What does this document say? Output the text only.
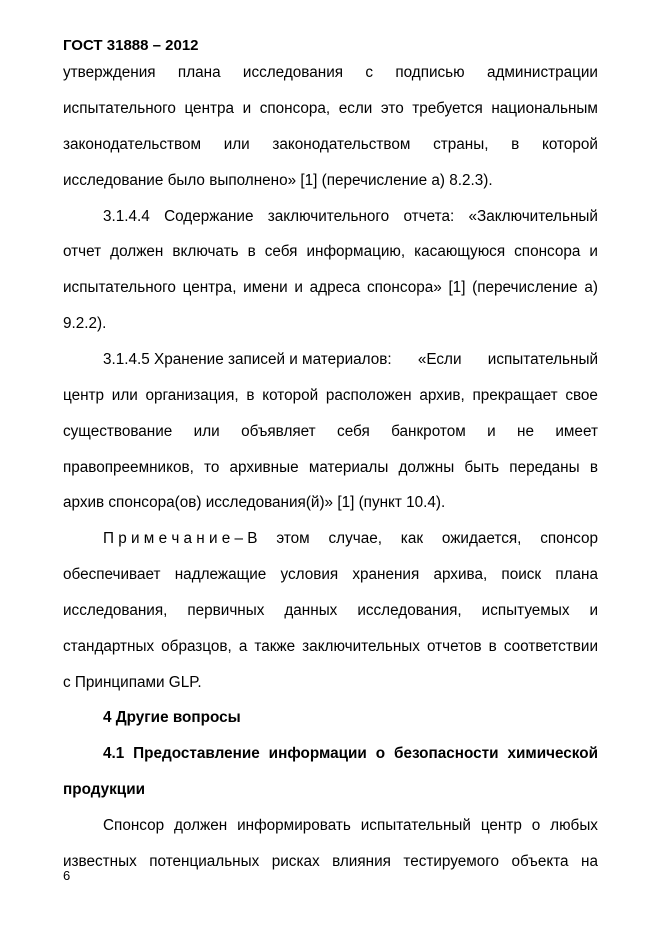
ГОСТ 31888 – 2012
утверждения плана исследования с подписью администрации
испытательного центра и спонсора, если это требуется национальным
законодательством или законодательством страны, в которой
исследование было выполнено» [1] (перечисление а) 8.2.3).
3.1.4.4 Содержание заключительного отчета: «Заключительный
отчет должен включать в себя информацию, касающуюся спонсора и
испытательного центра, имени и адреса спонсора» [1] (перечисление а)
9.2.2).
3.1.4.5 Хранение записей и материалов: «Если испытательный
центр или организация, в которой расположен архив, прекращает свое
существование или объявляет себя банкротом и не имеет
правопреемников, то архивные материалы должны быть переданы в
архив спонсора(ов) исследования(й)» [1] (пункт 10.4).
П р и м е ч а н и е – В этом случае, как ожидается, спонсор
обеспечивает надлежащие условия хранения архива, поиск плана
исследования, первичных данных исследования, испытуемых и
стандартных образцов, а также заключительных отчетов в соответствии
с Принципами GLP.
4 Другие вопросы
4.1 Предоставление информации о безопасности химической
продукции
Спонсор должен информировать испытательный центр о любых
известных потенциальных рисках влияния тестируемого объекта на
6
